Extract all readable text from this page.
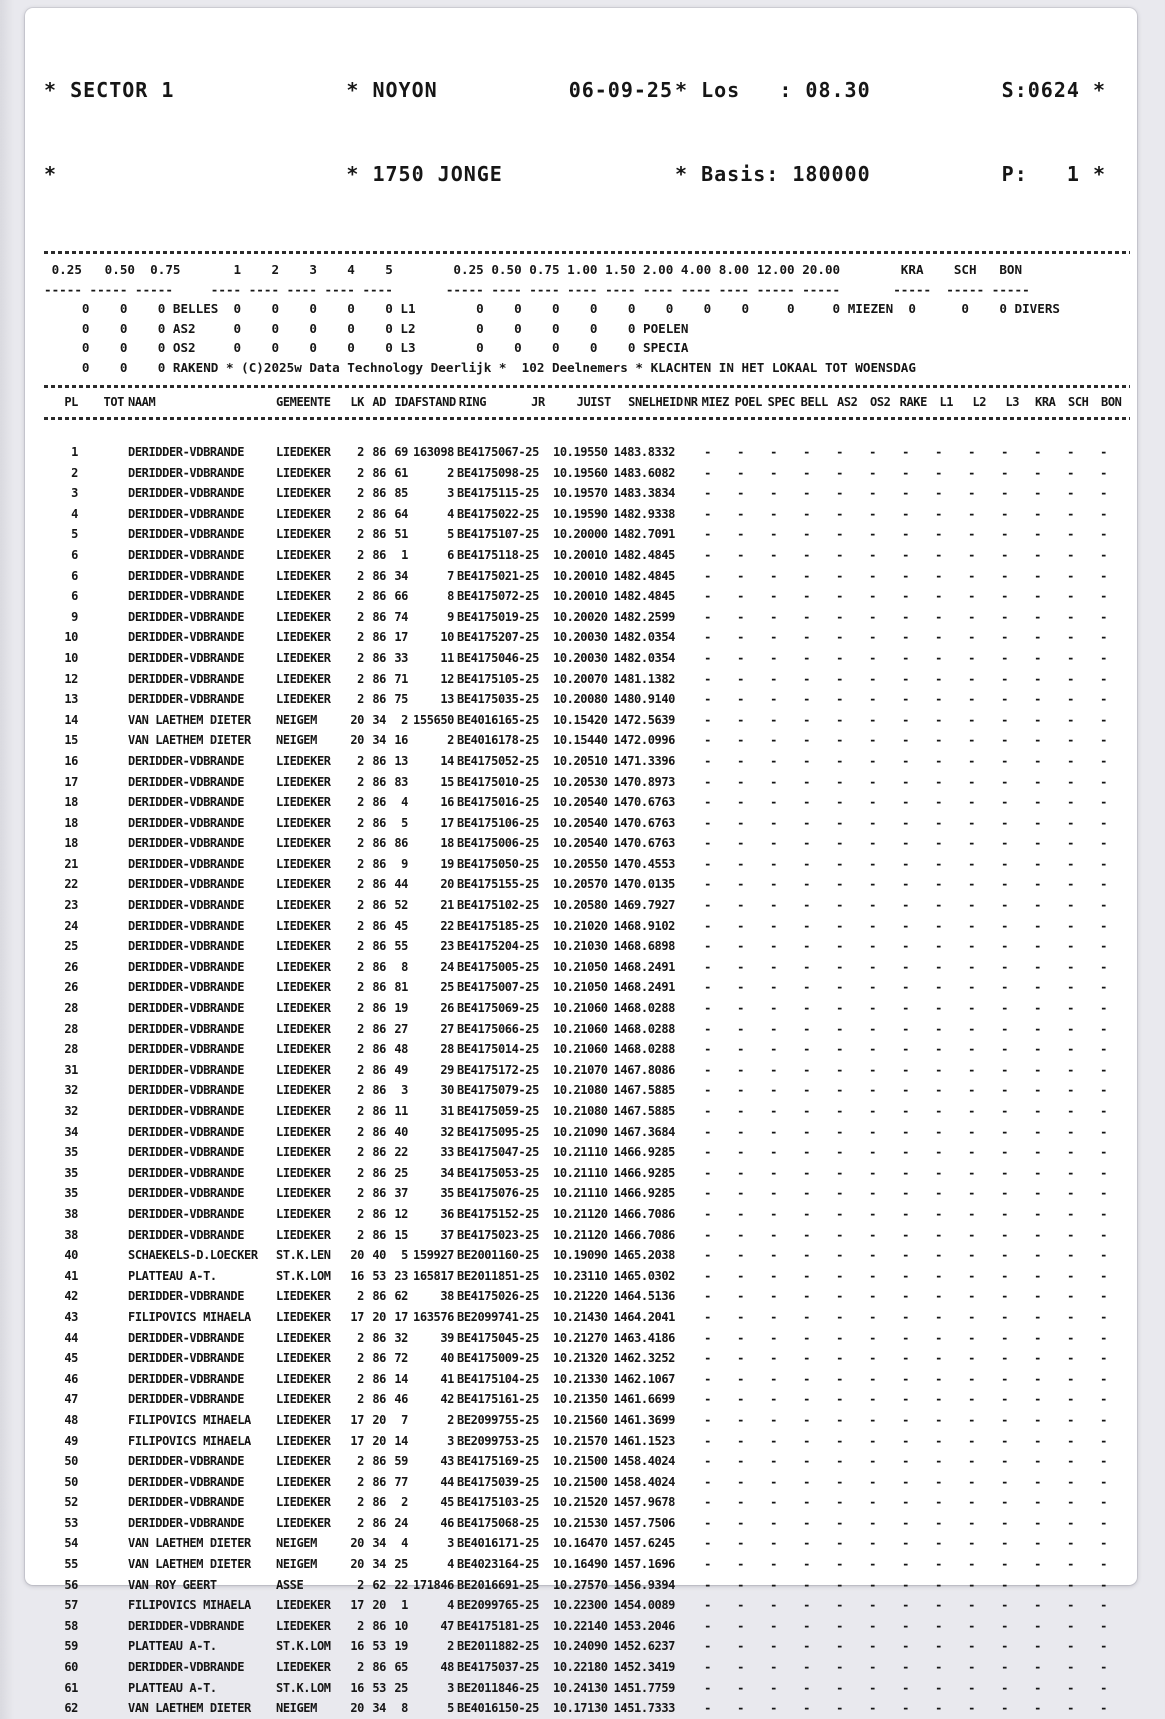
* SECTOR 1	* NOYON	06-09-25 * Los   : 08.30	S:0624 *

*	* 1750 JONGE	* Basis: 180000	P:   1 *

0.25   0.50  0.75       1    2    3    4    5        0.25 0.50 0.75 1.00 1.50 2.00 4.00 8.00 12.00 20.00        KRA    SCH   BON
----- ----- -----     ---- ---- ---- ---- ----       ----- ---- ---- ---- ---- ---- ---- ---- ----- -----       -----  ----- -----
0    0    0 BELLES  0    0    0    0    0 L1        0    0    0    0    0    0    0    0     0     0 MIEZEN  0      0    0 DIVERS
0    0    0 AS2     0    0    0    0    0 L2        0    0    0    0    0 POELEN
0    0    0 OS2     0    0    0    0    0 L3        0    0    0    0    0 SPECIA
0    0    0 RAKEND * (C)2025w Data Technology Deerlijk *  102 Deelnemers * KLACHTEN IN HET LOKAAL TOT WOENSDAG
PL	TOT	NAAM	GEMEENTE	LK	AD	ID	AFSTAND	RING	JR	JUIST	SNELHEID	NR	MIEZ	POEL	SPEC	BELL	AS2	OS2	RAKE	L1	L2	L3	KRA	SCH	BON
1		DERIDDER-VDBRANDE	LIEDEKER	2	86	69	163098	BE4175067-25	10.19550	1483.8332		-	-	-	-	-	-	-	-	-	-	-	-	-
2		DERIDDER-VDBRANDE	LIEDEKER	2	86	61	2	BE4175098-25	10.19560	1483.6082		-	-	-	-	-	-	-	-	-	-	-	-	-
3		DERIDDER-VDBRANDE	LIEDEKER	2	86	85	3	BE4175115-25	10.19570	1483.3834		-	-	-	-	-	-	-	-	-	-	-	-	-
4		DERIDDER-VDBRANDE	LIEDEKER	2	86	64	4	BE4175022-25	10.19590	1482.9338		-	-	-	-	-	-	-	-	-	-	-	-	-
5		DERIDDER-VDBRANDE	LIEDEKER	2	86	51	5	BE4175107-25	10.20000	1482.7091		-	-	-	-	-	-	-	-	-	-	-	-	-
6		DERIDDER-VDBRANDE	LIEDEKER	2	86	1	6	BE4175118-25	10.20010	1482.4845		-	-	-	-	-	-	-	-	-	-	-	-	-
6		DERIDDER-VDBRANDE	LIEDEKER	2	86	34	7	BE4175021-25	10.20010	1482.4845		-	-	-	-	-	-	-	-	-	-	-	-	-
6		DERIDDER-VDBRANDE	LIEDEKER	2	86	66	8	BE4175072-25	10.20010	1482.4845		-	-	-	-	-	-	-	-	-	-	-	-	-
9		DERIDDER-VDBRANDE	LIEDEKER	2	86	74	9	BE4175019-25	10.20020	1482.2599		-	-	-	-	-	-	-	-	-	-	-	-	-
10		DERIDDER-VDBRANDE	LIEDEKER	2	86	17	10	BE4175207-25	10.20030	1482.0354		-	-	-	-	-	-	-	-	-	-	-	-	-
10		DERIDDER-VDBRANDE	LIEDEKER	2	86	33	11	BE4175046-25	10.20030	1482.0354		-	-	-	-	-	-	-	-	-	-	-	-	-
12		DERIDDER-VDBRANDE	LIEDEKER	2	86	71	12	BE4175105-25	10.20070	1481.1382		-	-	-	-	-	-	-	-	-	-	-	-	-
13		DERIDDER-VDBRANDE	LIEDEKER	2	86	75	13	BE4175035-25	10.20080	1480.9140		-	-	-	-	-	-	-	-	-	-	-	-	-
14		VAN LAETHEM DIETER	NEIGEM	20	34	2	155650	BE4016165-25	10.15420	1472.5639		-	-	-	-	-	-	-	-	-	-	-	-	-
15		VAN LAETHEM DIETER	NEIGEM	20	34	16	2	BE4016178-25	10.15440	1472.0996		-	-	-	-	-	-	-	-	-	-	-	-	-
16		DERIDDER-VDBRANDE	LIEDEKER	2	86	13	14	BE4175052-25	10.20510	1471.3396		-	-	-	-	-	-	-	-	-	-	-	-	-
17		DERIDDER-VDBRANDE	LIEDEKER	2	86	83	15	BE4175010-25	10.20530	1470.8973		-	-	-	-	-	-	-	-	-	-	-	-	-
18		DERIDDER-VDBRANDE	LIEDEKER	2	86	4	16	BE4175016-25	10.20540	1470.6763		-	-	-	-	-	-	-	-	-	-	-	-	-
18		DERIDDER-VDBRANDE	LIEDEKER	2	86	5	17	BE4175106-25	10.20540	1470.6763		-	-	-	-	-	-	-	-	-	-	-	-	-
18		DERIDDER-VDBRANDE	LIEDEKER	2	86	86	18	BE4175006-25	10.20540	1470.6763		-	-	-	-	-	-	-	-	-	-	-	-	-
21		DERIDDER-VDBRANDE	LIEDEKER	2	86	9	19	BE4175050-25	10.20550	1470.4553		-	-	-	-	-	-	-	-	-	-	-	-	-
22		DERIDDER-VDBRANDE	LIEDEKER	2	86	44	20	BE4175155-25	10.20570	1470.0135		-	-	-	-	-	-	-	-	-	-	-	-	-
23		DERIDDER-VDBRANDE	LIEDEKER	2	86	52	21	BE4175102-25	10.20580	1469.7927		-	-	-	-	-	-	-	-	-	-	-	-	-
24		DERIDDER-VDBRANDE	LIEDEKER	2	86	45	22	BE4175185-25	10.21020	1468.9102		-	-	-	-	-	-	-	-	-	-	-	-	-
25		DERIDDER-VDBRANDE	LIEDEKER	2	86	55	23	BE4175204-25	10.21030	1468.6898		-	-	-	-	-	-	-	-	-	-	-	-	-
26		DERIDDER-VDBRANDE	LIEDEKER	2	86	8	24	BE4175005-25	10.21050	1468.2491		-	-	-	-	-	-	-	-	-	-	-	-	-
26		DERIDDER-VDBRANDE	LIEDEKER	2	86	81	25	BE4175007-25	10.21050	1468.2491		-	-	-	-	-	-	-	-	-	-	-	-	-
28		DERIDDER-VDBRANDE	LIEDEKER	2	86	19	26	BE4175069-25	10.21060	1468.0288		-	-	-	-	-	-	-	-	-	-	-	-	-
28		DERIDDER-VDBRANDE	LIEDEKER	2	86	27	27	BE4175066-25	10.21060	1468.0288		-	-	-	-	-	-	-	-	-	-	-	-	-
28		DERIDDER-VDBRANDE	LIEDEKER	2	86	48	28	BE4175014-25	10.21060	1468.0288		-	-	-	-	-	-	-	-	-	-	-	-	-
31		DERIDDER-VDBRANDE	LIEDEKER	2	86	49	29	BE4175172-25	10.21070	1467.8086		-	-	-	-	-	-	-	-	-	-	-	-	-
32		DERIDDER-VDBRANDE	LIEDEKER	2	86	3	30	BE4175079-25	10.21080	1467.5885		-	-	-	-	-	-	-	-	-	-	-	-	-
32		DERIDDER-VDBRANDE	LIEDEKER	2	86	11	31	BE4175059-25	10.21080	1467.5885		-	-	-	-	-	-	-	-	-	-	-	-	-
34		DERIDDER-VDBRANDE	LIEDEKER	2	86	40	32	BE4175095-25	10.21090	1467.3684		-	-	-	-	-	-	-	-	-	-	-	-	-
35		DERIDDER-VDBRANDE	LIEDEKER	2	86	22	33	BE4175047-25	10.21110	1466.9285		-	-	-	-	-	-	-	-	-	-	-	-	-
35		DERIDDER-VDBRANDE	LIEDEKER	2	86	25	34	BE4175053-25	10.21110	1466.9285		-	-	-	-	-	-	-	-	-	-	-	-	-
35		DERIDDER-VDBRANDE	LIEDEKER	2	86	37	35	BE4175076-25	10.21110	1466.9285		-	-	-	-	-	-	-	-	-	-	-	-	-
38		DERIDDER-VDBRANDE	LIEDEKER	2	86	12	36	BE4175152-25	10.21120	1466.7086		-	-	-	-	-	-	-	-	-	-	-	-	-
38		DERIDDER-VDBRANDE	LIEDEKER	2	86	15	37	BE4175023-25	10.21120	1466.7086		-	-	-	-	-	-	-	-	-	-	-	-	-
40		SCHAEKELS-D.LOECKER	ST.K.LEN	20	40	5	159927	BE2001160-25	10.19090	1465.2038		-	-	-	-	-	-	-	-	-	-	-	-	-
41		PLATTEAU A-T.	ST.K.LOM	16	53	23	165817	BE2011851-25	10.23110	1465.0302		-	-	-	-	-	-	-	-	-	-	-	-	-
42		DERIDDER-VDBRANDE	LIEDEKER	2	86	62	38	BE4175026-25	10.21220	1464.5136		-	-	-	-	-	-	-	-	-	-	-	-	-
43		FILIPOVICS MIHAELA	LIEDEKER	17	20	17	163576	BE2099741-25	10.21430	1464.2041		-	-	-	-	-	-	-	-	-	-	-	-	-
44		DERIDDER-VDBRANDE	LIEDEKER	2	86	32	39	BE4175045-25	10.21270	1463.4186		-	-	-	-	-	-	-	-	-	-	-	-	-
45		DERIDDER-VDBRANDE	LIEDEKER	2	86	72	40	BE4175009-25	10.21320	1462.3252		-	-	-	-	-	-	-	-	-	-	-	-	-
46		DERIDDER-VDBRANDE	LIEDEKER	2	86	14	41	BE4175104-25	10.21330	1462.1067		-	-	-	-	-	-	-	-	-	-	-	-	-
47		DERIDDER-VDBRANDE	LIEDEKER	2	86	46	42	BE4175161-25	10.21350	1461.6699		-	-	-	-	-	-	-	-	-	-	-	-	-
48		FILIPOVICS MIHAELA	LIEDEKER	17	20	7	2	BE2099755-25	10.21560	1461.3699		-	-	-	-	-	-	-	-	-	-	-	-	-
49		FILIPOVICS MIHAELA	LIEDEKER	17	20	14	3	BE2099753-25	10.21570	1461.1523		-	-	-	-	-	-	-	-	-	-	-	-	-
50		DERIDDER-VDBRANDE	LIEDEKER	2	86	59	43	BE4175169-25	10.21500	1458.4024		-	-	-	-	-	-	-	-	-	-	-	-	-
50		DERIDDER-VDBRANDE	LIEDEKER	2	86	77	44	BE4175039-25	10.21500	1458.4024		-	-	-	-	-	-	-	-	-	-	-	-	-
52		DERIDDER-VDBRANDE	LIEDEKER	2	86	2	45	BE4175103-25	10.21520	1457.9678		-	-	-	-	-	-	-	-	-	-	-	-	-
53		DERIDDER-VDBRANDE	LIEDEKER	2	86	24	46	BE4175068-25	10.21530	1457.7506		-	-	-	-	-	-	-	-	-	-	-	-	-
54		VAN LAETHEM DIETER	NEIGEM	20	34	4	3	BE4016171-25	10.16470	1457.6245		-	-	-	-	-	-	-	-	-	-	-	-	-
55		VAN LAETHEM DIETER	NEIGEM	20	34	25	4	BE4023164-25	10.16490	1457.1696		-	-	-	-	-	-	-	-	-	-	-	-	-
56		VAN ROY GEERT	ASSE	2	62	22	171846	BE2016691-25	10.27570	1456.9394		-	-	-	-	-	-	-	-	-	-	-	-	-
57		FILIPOVICS MIHAELA	LIEDEKER	17	20	1	4	BE2099765-25	10.22300	1454.0089		-	-	-	-	-	-	-	-	-	-	-	-	-
58		DERIDDER-VDBRANDE	LIEDEKER	2	86	10	47	BE4175181-25	10.22140	1453.2046		-	-	-	-	-	-	-	-	-	-	-	-	-
59		PLATTEAU A-T.	ST.K.LOM	16	53	19	2	BE2011882-25	10.24090	1452.6237		-	-	-	-	-	-	-	-	-	-	-	-	-
60		DERIDDER-VDBRANDE	LIEDEKER	2	86	65	48	BE4175037-25	10.22180	1452.3419		-	-	-	-	-	-	-	-	-	-	-	-	-
61		PLATTEAU A-T.	ST.K.LOM	16	53	25	3	BE2011846-25	10.24130	1451.7759		-	-	-	-	-	-	-	-	-	-	-	-	-
62		VAN LAETHEM DIETER	NEIGEM	20	34	8	5	BE4016150-25	10.17130	1451.7333		-	-	-	-	-	-	-	-	-	-	-	-	-
